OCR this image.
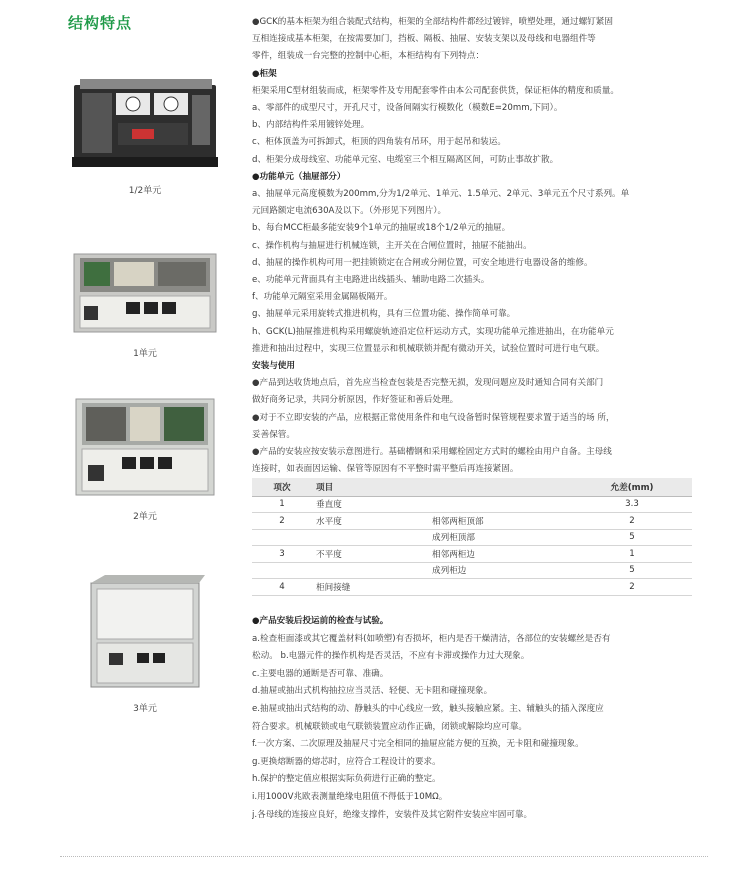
结构特点
1/2单元
1单元
2单元
3单元
●GCK的基本柜架为组合装配式结构，柜架的全部结构件都经过镀锌，喷塑处理，通过螺钉紧固
互相连接成基本柜架，在按需要加门，挡板、隔板、抽屉、安装支架以及母线和电器组件等
零件，组装成一台完整的控制中心柜，本柜结构有下列特点：
●柜架
柜架采用C型材组装而成，柜架零件及专用配套零件由本公司配套供货，保证柜体的精度和质量。
a、零部件的成型尺寸，开孔尺寸，设备间隔实行模数化（模数E=20mm,下同）。
b、内部结构件采用镀锌处理。
c、柜体顶盖为可拆卸式，柜顶的四角装有吊环，用于起吊和装运。
d、柜架分成母线室、功能单元室、电缆室三个相互隔离区间，可防止事故扩散。
●功能单元（抽屉部分）
a、抽屉单元高度模数为200mm,分为1/2单元、1单元、1.5单元、2单元、3单元五个尺寸系列。单
元回路额定电流630A及以下。（外形见下列图片）。
b、每台MCC柜最多能安装9个1单元的抽屉或18个1/2单元的抽屉。
c、操作机构与抽屉进行机械连锁，主开关在合闸位置时，抽屉不能抽出。
d、抽屉的操作机构可用一把挂锁锁定在合闸或分闸位置，可安全地进行电器设备的维修。
e、功能单元背面具有主电路进出线插头、辅助电路二次插头。
f、功能单元隔室采用金属隔板隔开。
g、抽屉单元采用旋转式推进机构，具有三位置功能、操作简单可靠。
h、GCK(L)抽屉推进机构采用螺旋轨迹沿定位杆运动方式，实现功能单元推进抽出，在功能单元
推进和抽出过程中，实现三位置显示和机械联锁并配有微动开关，试验位置时可进行电气联。
安装与使用
●产品到达收货地点后，首先应当检查包装是否完整无损，发现问题应及时通知合同有关部门
做好商务记录，共同分析原因，作好签证和善后处理。
●对于不立即安装的产品，应根据正常使用条件和电气设备暂时保管规程要求置于适当的场 所，
妥善保管。
●产品的安装应按安装示意图进行。基础槽钢和采用螺栓固定方式时的螺栓由用户自备。主母线
连接时，如表面因运输、保管等原因有不平整时需平整后再连接紧固。
项次	项目		允差(mm)
1	垂直度		3.3
2	水平度	相邻两柜顶部	2
		成列柜顶部	5
3	不平度	相邻两柜边	1
		成列柜边	5
4	柜间接缝		2
●产品安装后投运前的检查与试验。
a.检查柜面漆或其它覆盖材料(如喷塑)有否损坏，柜内是否干燥清洁，各部位的安装螺丝是否有
松动。 b.电器元件的操作机构是否灵活，不应有卡滞或操作力过大现象。
c.主要电器的通断是否可靠、准确。
d.抽屉或抽出式机构抽拉应当灵活、轻便、无卡阻和碰撞现象。
e.抽屉或抽出式结构的动、静触头的中心线应一致，触头接触应紧。主、辅触头的插入深度应
符合要求。机械联锁或电气联锁装置应动作正确，闭锁或解除均应可靠。
f.一次方案、二次原理及抽屉尺寸完全相同的抽屉应能方便的互换，无卡阻和碰撞现象。
g.更换熔断器的熔芯时，应符合工程设计的要求。
h.保护的整定值应根据实际负荷进行正确的整定。
i.用1000V兆欧表测量绝缘电阻值不得低于10MΩ。
j.各母线的连接应良好，绝缘支撑件，安装件及其它附件安装应牢固可靠。
